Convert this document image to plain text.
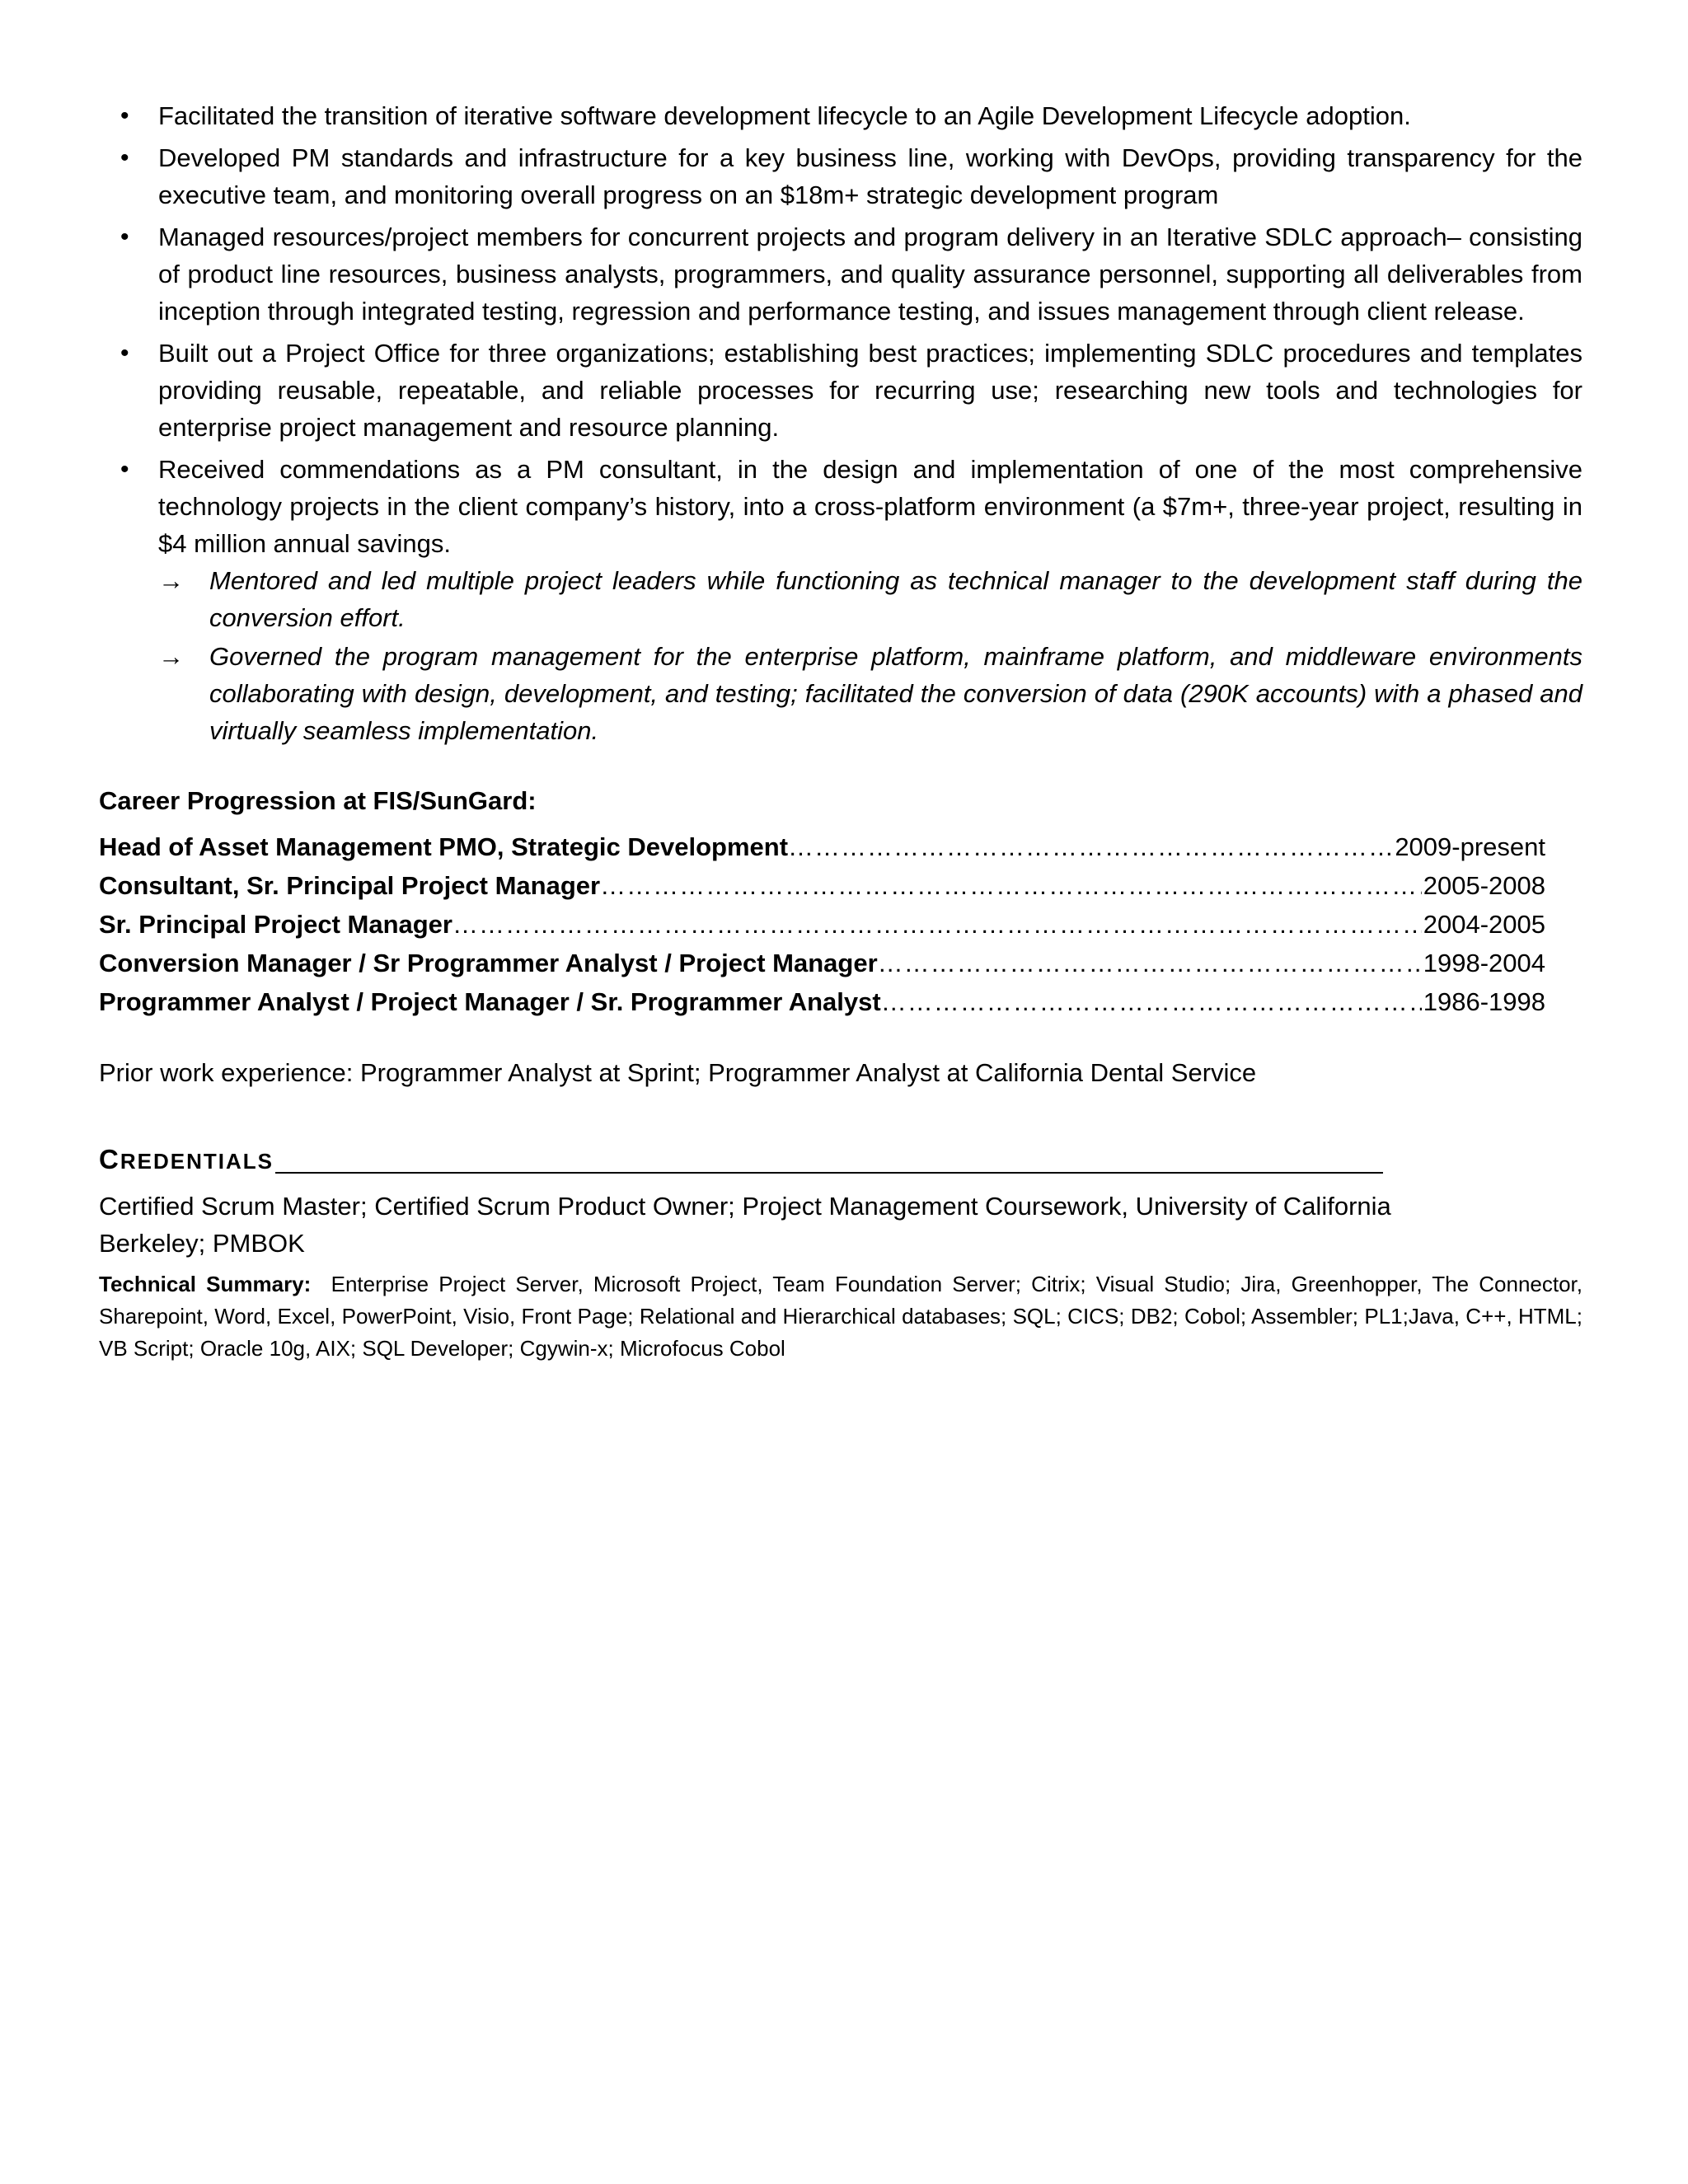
• Facilitated the transition of iterative software development lifecycle to an Agile Development Lifecycle adoption.
• Developed PM standards and infrastructure for a key business line, working with DevOps, providing transparency for the executive team, and monitoring overall progress on an $18m+ strategic development program
• Managed resources/project members for concurrent projects and program delivery in an Iterative SDLC approach– consisting of product line resources, business analysts, programmers, and quality assurance personnel, supporting all deliverables from inception through integrated testing, regression and performance testing, and issues management through client release.
• Built out a Project Office for three organizations; establishing best practices; implementing SDLC procedures and templates providing reusable, repeatable, and reliable processes for recurring use; researching new tools and technologies for enterprise project management and resource planning.
• Received commendations as a PM consultant, in the design and implementation of one of the most comprehensive technology projects in the client company’s history, into a cross-platform environment (a $7m+, three-year project, resulting in $4 million annual savings.
→ Mentored and led multiple project leaders while functioning as technical manager to the development staff during the conversion effort.
→ Governed the program management for the enterprise platform, mainframe platform, and middleware environments collaborating with design, development, and testing; facilitated the conversion of data (290K accounts) with a phased and virtually seamless implementation.
Career Progression at FIS/SunGard:
Head of Asset Management PMO, Strategic Development …………………………………………………………………………………………………………………………………………………………………………………………	2009-present
Consultant, Sr. Principal Project Manager …………………………………………………………………………………………………………………………………………………………………………………………	2005-2008
Sr. Principal Project Manager …………………………………………………………………………………………………………………………………………………………………………………………	2004-2005
Conversion Manager / Sr Programmer Analyst / Project Manager …………………………………………………………………………………………………………………………………………………………………………………………	1998-2004
Programmer Analyst / Project Manager / Sr. Programmer Analyst …………………………………………………………………………………………………………………………………………………………………………………………	1986-1998
Prior work experience: Programmer Analyst at Sprint; Programmer Analyst at California Dental Service
CREDENTIALS
Certified Scrum Master; Certified Scrum Product Owner; Project Management Coursework, University of California Berkeley; PMBOK
Technical Summary: Enterprise Project Server, Microsoft Project, Team Foundation Server; Citrix; Visual Studio; Jira, Greenhopper, The Connector, Sharepoint, Word, Excel, PowerPoint, Visio, Front Page; Relational and Hierarchical databases; SQL; CICS; DB2; Cobol; Assembler; PL1;Java, C++, HTML; VB Script; Oracle 10g, AIX; SQL Developer; Cgywin-x; Microfocus Cobol
